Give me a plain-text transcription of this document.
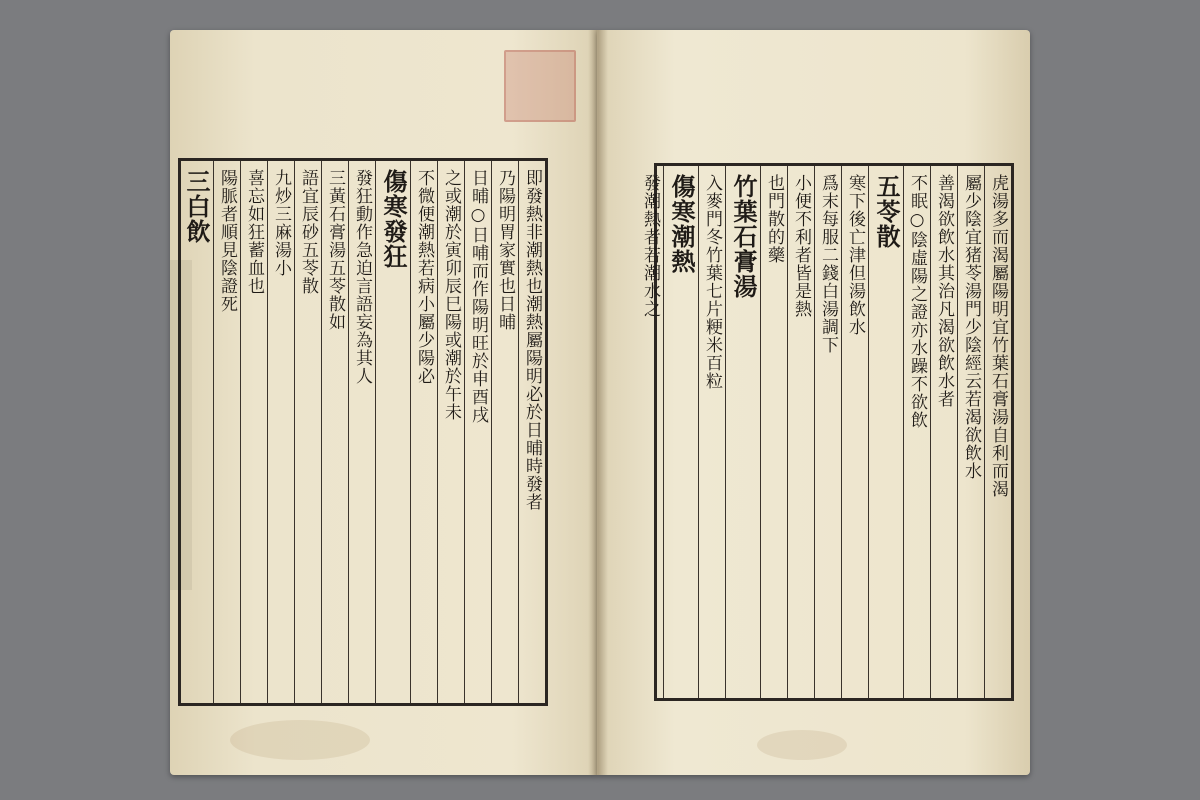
即發熱非潮熱也潮熱屬陽明必於日晡時發者
乃陽明胃家實也日晡
日晡○日哺而作陽明旺於申酉戌
之或潮於寅卯辰巳陽或潮於午未
不微便潮熱若病小屬少陽必
傷寒發狂
發狂動作急迫言語妄為其人
三黃石膏湯五苓散如
語宜辰砂五苓散
九炒三麻湯小
喜忘如狂蓄血也
陽脈者順見陰證死
三白飲	虎湯多而渴屬陽明宜竹葉石膏湯自利而渴
屬少陰宜猪苓湯門少陰經云若渴欲飲水
善渴欲飲水其治凡渴欲飲水者
不眠○陰虛陽之證亦水躁不欲飲
五苓散
寒下後亡津但湯飲水
爲末每服二錢白湯調下
小便不利者皆是熱
也門散的藥
竹葉石膏湯
入麥門冬竹葉七片粳米百粒
傷寒潮熱
發潮熱者若潮水之
